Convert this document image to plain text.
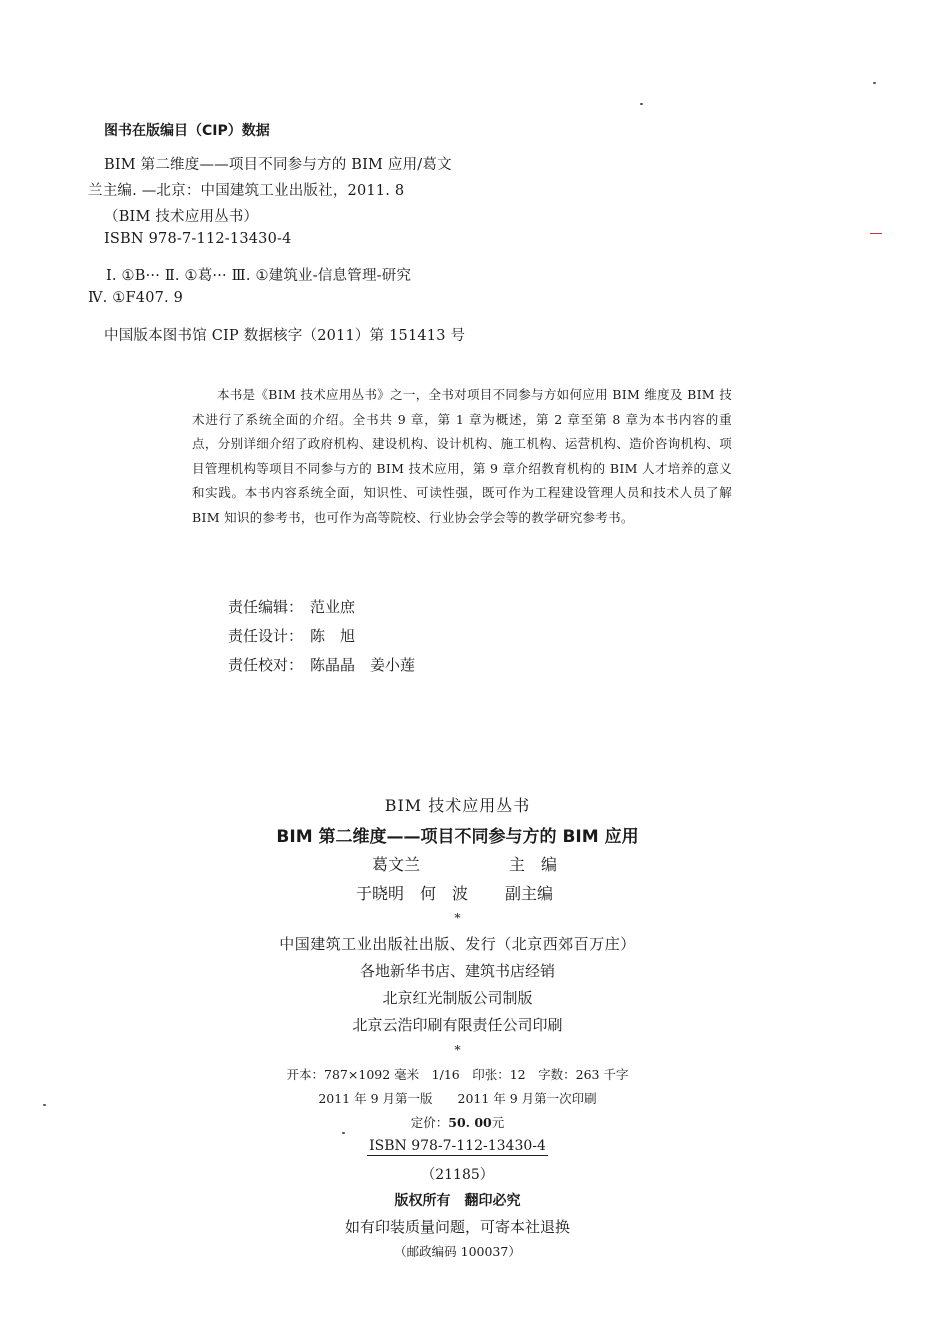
图书在版编目（CIP）数据
BIM 第二维度——项目不同参与方的 BIM 应用/葛文
兰主编. —北京：中国建筑工业出版社，2011. 8
（BIM 技术应用丛书）
ISBN 978-7-112-13430-4
Ⅰ. ①B··· Ⅱ. ①葛··· Ⅲ. ①建筑业-信息管理-研究
Ⅳ. ①F407. 9
中国版本图书馆 CIP 数据核字（2011）第 151413 号

本书是《BIM 技术应用丛书》之一，全书对项目不同参与方如何应用 BIM 维度及 BIM 技术进行了系统全面的介绍。全书共 9 章，第 1 章为概述，第 2 章至第 8 章为本书内容的重点，分别详细介绍了政府机构、建设机构、设计机构、施工机构、运营机构、造价咨询机构、项目管理机构等项目不同参与方的 BIM 技术应用，第 9 章介绍教育机构的 BIM 人才培养的意义和实践。本书内容系统全面，知识性、可读性强，既可作为工程建设管理人员和技术人员了解 BIM 知识的参考书，也可作为高等院校、行业协会学会等的教学研究参考书。

责任编辑： 范业庶
责任设计： 陈　旭
责任校对： 陈晶晶　姜小莲
BIM 技术应用丛书
BIM 第二维度——项目不同参与方的 BIM 应用
葛文兰	主　编
于晓明　何　波 副主编
*
中国建筑工业出版社出版、发行（北京西郊百万庄）
各地新华书店、建筑书店经销
北京红光制版公司制版
北京云浩印刷有限责任公司印刷
*
开本：787×1092 毫米　1/16　印张：12　字数：263 千字
2011 年 9 月第一版　　2011 年 9 月第一次印刷
定价：50. 00元
ISBN 978-7-112-13430-4
（21185）
版权所有　翻印必究
如有印装质量问题，可寄本社退换
（邮政编码 100037）
